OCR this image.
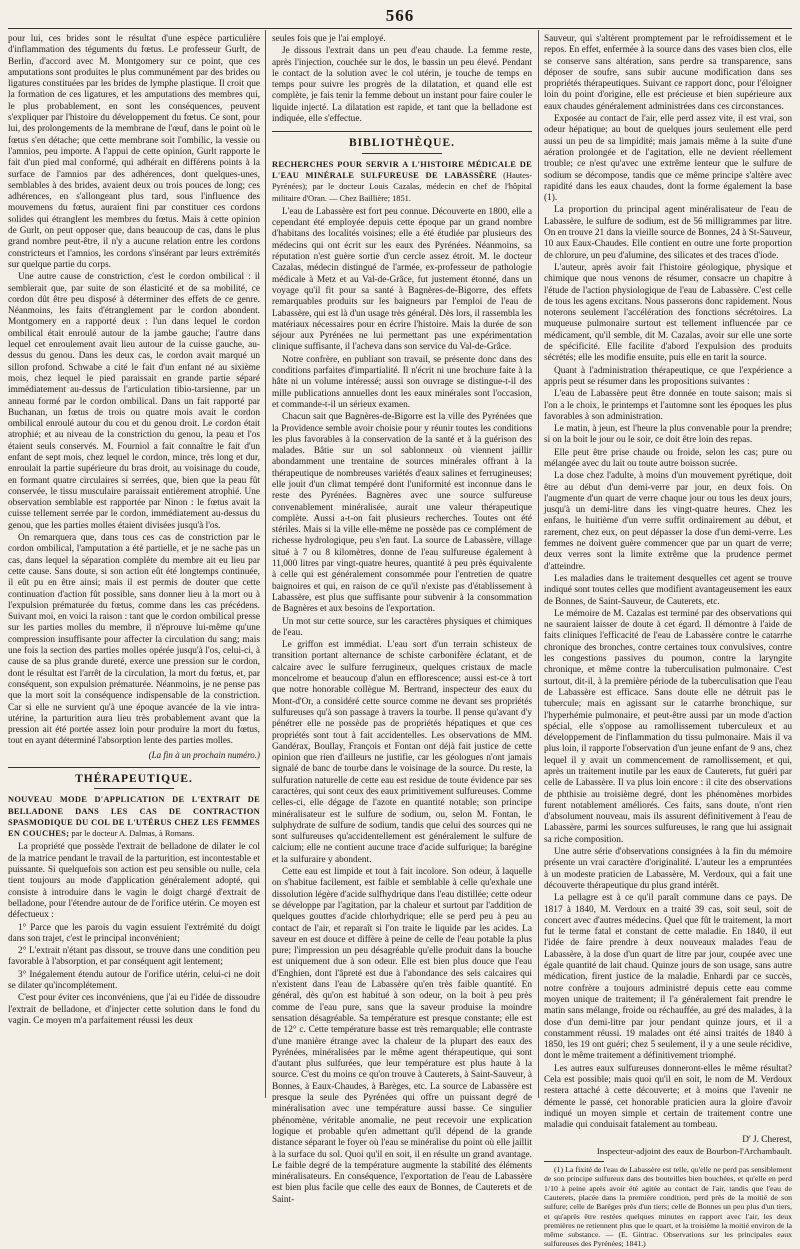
566

pour lui, ces brides sont le résultat d'une espèce particulière d'inflammation des téguments du fœtus. Le professeur Gurlt, de Berlin, d'accord avec M. Montgomery sur ce point, que ces amputations sont produites le plus communément par des brides ou ligatures constituées par les brides de lymphe plastique. Il croit que la formation de ces ligatures, et les amputations des membres qui, le plus probablement, en sont les conséquences, peuvent s'expliquer par l'histoire du développement du fœtus. Ce sont, pour lui, des prolongements de la membrane de l'œuf, dans le point où le fœtus s'en détache; que cette membrane soit l'ombilic, la vessie ou l'amnios, peu importe. A l'appui de cette opinion, Gurlt rapporte le fait d'un pied mal conformé, qui adhérait en différens points à la surface de l'amnios par des adhérences, dont quelques-unes, semblables à des brides, avaient deux ou trois pouces de long; ces adhérences, en s'allongeant plus tard, sous l'influence des mouvemens du fœtus, auraient fini par constituer ces cordons solides qui étranglent les membres du fœtus. Mais à cette opinion de Gurlt, on peut opposer que, dans beaucoup de cas, dans le plus grand nombre peut-être, il n'y a aucune relation entre les cordons constricteurs et l'amnios, les cordons s'insérant par leurs extrémités sur quelque partie du corps.

Une autre cause de constriction, c'est le cordon ombilical : il semblerait que, par suite de son élasticité et de sa mobilité, ce cordon dût être peu disposé à déterminer des effets de ce genre. Néanmoins, les faits d'étranglement par le cordon abondent. Montgomery en a rapporté deux : l'un dans lequel le cordon ombilical était enroulé autour de la jambe gauche; l'autre dans lequel cet enroulement avait lieu autour de la cuisse gauche, au-dessus du genou. Dans les deux cas, le cordon avait marqué un sillon profond. Schwabe a cité le fait d'un enfant né au sixième mois, chez lequel le pied paraissait en grande partie séparé immédiatement au-dessus de l'articulation tibio-tarsienne, par un anneau formé par le cordon ombilical. Dans un fait rapporté par Buchanan, un fœtus de trois ou quatre mois avait le cordon ombilical enroulé autour du cou et du genou droit. Le cordon était atrophié; et au niveau de la constriction du genou, la peau et l'os étaient seuls conservés. M. Fourniol a fait connaître le fait d'un enfant de sept mois, chez lequel le cordon, mince, très long et dur, enroulait la partie supérieure du bras droit, au voisinage du coude, en formant quatre circulaires si serrées, que, bien que la peau fût conservée, le tissu musculaire paraissait entièrement atrophié. Une observation semblable est rapportée par Ninon : le fœtus avait la cuisse tellement serrée par le cordon, immédiatement au-dessus du genou, que les parties molles étaient divisées jusqu'à l'os.

On remarquera que, dans tous ces cas de constriction par le cordon ombilical, l'amputation a été partielle, et je ne sache pas un cas, dans lequel la séparation complète du membre ait eu lieu par cette cause. Sans doute, si son action eût été longtemps continuée, il eût pu en être ainsi; mais il est permis de douter que cette continuation d'action fût possible, sans donner lieu à la mort ou à l'expulsion prématurée du fœtus, comme dans les cas précédens. Suivant moi, en voici la raison : tant que le cordon ombilical presse sur les parties molles du membre, il n'éprouve lui-même qu'une compression insuffisante pour affecter la circulation du sang; mais une fois la section des parties molles opérée jusqu'à l'os, celui-ci, à cause de sa plus grande dureté, exerce une pression sur le cordon, dont le résultat est l'arrêt de la circulation, la mort du fœtus, et, par conséquent, son expulsion prématurée. Néanmoins, je ne pense pas que la mort soit la conséquence indispensable de la constriction. Car si elle ne survient qu'à une époque avancée de la vie intra-utérine, la parturition aura lieu très probablement avant que la pression ait été portée assez loin pour produire la mort du fœtus, tout en ayant déterminé l'absorption lente des parties molles.

(La fin à un prochain numéro.)
THÉRAPEUTIQUE.

NOUVEAU MODE D'APPLICATION DE L'EXTRAIT DE BELLADONE DANS LES CAS DE CONTRACTION SPASMODIQUE DU COL DE L'UTÉRUS CHEZ LES FEMMES EN COUCHES; par le docteur A. Dalmas, à Romans.

La propriété que possède l'extrait de belladone de dilater le col de la matrice pendant le travail de la parturition, est incontestable et puissante. Si quelquefois son action est peu sensible ou nulle, cela tient toujours au mode d'application généralement adopté, qui consiste à introduire dans le vagin le doigt chargé d'extrait de belladone, pour l'étendre autour de de l'orifice utérin. Ce moyen est défectueux :

1° Parce que les parois du vagin essuient l'extrémité du doigt dans son trajet, c'est le principal inconvénient;

2° L'extrait n'étant pas dissout, se trouve dans une condition peu favorable à l'absorption, et par conséquent agit lentement;

3° Inégalement étendu autour de l'orifice utérin, celui-ci ne doit se dilater qu'incomplétement.

C'est pour éviter ces inconvéniens, que j'ai eu l'idée de dissoudre l'extrait de belladone, et d'injecter cette solution dans le fond du vagin. Ce moyen m'a parfaitement réussi les deux

seules fois que je l'ai employé.

Je dissous l'extrait dans un peu d'eau chaude. La femme reste, après l'injection, couchée sur le dos, le bassin un peu élevé. Pendant le contact de la solution avec le col utérin, je touche de temps en temps pour suivre les progrès de la dilatation, et quand elle est complète, je fais tenir la femme debout un instant pour faire couler le liquide injecté. La dilatation est rapide, et tant que la belladone est indiquée, elle s'effectue.

BIBLIOTHÈQUE.

RECHERCHES POUR SERVIR A L'HISTOIRE MÉDICALE DE L'EAU MINÉRALE SULFUREUSE DE LABASSÈRE (Hautes-Pyrénées); par le docteur Louis Cazalas, médecin en chef de l'hôpital militaire d'Oran. — Chez Baillière; 1851.

L'eau de Labassère est fort peu connue. Découverte en 1800, elle a cependant été employée depuis cette époque par un grand nombre d'habitans des localités voisines; elle a été étudiée par plusieurs des médecins qui ont écrit sur les eaux des Pyrénées. Néanmoins, sa réputation n'est guère sortie d'un cercle assez étroit. M. le docteur Cazalas, médecin distingué de l'armée, ex-professeur de pathologie médicale à Metz et au Val-de-Grâce, fut justement étonné, dans un voyage qu'il fit pour sa santé à Bagnères-de-Bigorre, des effets remarquables produits sur les baigneurs par l'emploi de l'eau de Labassère, qui est là d'un usage très général. Dès lors, il rassembla les matériaux nécessaires pour en écrire l'histoire. Mais la durée de son séjour aux Pyrénées ne lui permettant pas une expérimentation clinique suffisante, il l'acheva dans son service du Val-de-Grâce.

Notre confrère, en publiant son travail, se présente donc dans des conditions parfaites d'impartialité. Il n'écrit ni une brochure faite à la hâte ni un volume intéressé; aussi son ouvrage se distingue-t-il des mille publications annuelles dont les eaux minérales sont l'occasion, et commande-t-il un sérieux examen.

Chacun sait que Bagnères-de-Bigorre est la ville des Pyrénées que la Providence semble avoir choisie pour y réunir toutes les conditions les plus favorables à la conservation de la santé et à la guérison des malades. Bâtie sur un sol sablonneux où viennent jaillir abondamment une trentaine de sources minérales offrant à la thérapeutique de nombreuses variétés d'eaux salines et ferrugineuses; elle jouit d'un climat tempéré dont l'uniformité est inconnue dans le reste des Pyrénées. Bagnères avec une source sulfureuse convenablement minéralisée, aurait une valeur thérapeutique complète. Aussi a-t-on fait plusieurs recherches. Toutes ont été stériles. Mais si la ville elle-même ne possède pas ce complément de richesse hydrologique, peu s'en faut. La source de Labassère, village situé à 7 ou 8 kilomètres, donne de l'eau sulfureuse également à 11,000 litres par vingt-quatre heures, quantité à peu près équivalente à celle qui est généralement consommée pour l'entretien de quatre baignoires et qui, en raison de ce qu'il n'existe pas d'établissement à Labassère, est plus que suffisante pour subvenir à la consommation de Bagnères et aux besoins de l'exportation.

Un mot sur cette source, sur les caractères physiques et chimiques de l'eau.

Le griffon est immédiat. L'eau sort d'un terrain schisteux de transition portant alternance de schiste carbonifère éclatant, et de calcaire avec le sulfure ferrugineux, quelques cristaux de macle moncelrome et beaucoup d'alun en efflorescence; aussi est-ce à tort que notre honorable collègue M. Bertrand, inspecteur des eaux du Mont-d'Or, a considéré cette source comme ne devant ses propriétés sulfureuses qu'à son passage à travers la tourbe. Il pense qu'avant d'y pénétrer elle ne possède pas de propriétés hépatiques et que ces propriétés sont tout à fait accidentelles. Les observations de MM. Gandérax, Boullay, François et Fontan ont déjà fait justice de cette opinion que rien d'ailleurs ne justifie, car les géologues n'ont jamais signalé de banc de tourbe dans le voisinage de la source. Du reste, la sulfuration naturelle de cette eau est residue de toute évidence par ses caractères, qui sont ceux des eaux primitivement sulfureuses. Comme celles-ci, elle dégage de l'azote en quantité notable; son principe minéralisateur est le sulfure de sodium, ou, selon M. Fontan, le sulphydrate de sulfure de sodium, tandis que celui des sources qui ne sont sulfureuses qu'accidentellement est généralement le sulfure de calcium; elle ne contient aucune trace d'acide sulfurique; la barégine et la sulfuraire y abondent.

Cette eau est limpide et tout à fait incolore. Son odeur, à laquelle on s'habitue facilement, est faible et semblable à celle qu'exhale une dissolution légère d'acide sulfhydrique dans l'eau distillée; cette odeur se développe par l'agitation, par la chaleur et surtout par l'addition de quelques gouttes d'acide chlorhydrique; elle se perd peu à peu au contact de l'air, et reparaît si l'on traite le liquide par les acides. La saveur en est douce et diffère à peine de celle de l'eau potable la plus pure; l'impression un peu désagréable qu'elle produit dans la bouche est uniquement due à son odeur. Elle est bien plus douce que l'eau d'Enghien, dont l'âpreté est due à l'abondance des sels calcaires qui n'existent dans l'eau de Labassère qu'en très faible quantité. En général, dès qu'on est habitué à son odeur, on la boit à peu près comme de l'eau pure, sans que la saveur produise la moindre sensation désagréable. Sa température est presque constante; elle est de 12° c. Cette température basse est très remarquable; elle contraste d'une manière étrange avec la chaleur de la plupart des eaux des Pyrénées, minéralisées par le même agent thérapeutique, qui sont d'autant plus sulfurées, que leur température est plus haute à la source. C'est du moins ce qu'on trouve à Cauterets, à Saint-Sauveur, à Bonnes, à Eaux-Chaudes, à Barèges, etc. La source de Labassère est presque la seule des Pyrénées qui offre un puissant degré de minéralisation avec une température aussi basse. Ce singulier phénomène, véritable anomalie, ne peut recevoir une explication logique et probable qu'en admettant qu'il dépend de la grande distance séparant le foyer où l'eau se minéralise du point où elle jaillit à la surface du sol. Quoi qu'il en soit, il en résulte un grand avantage. Le faible degré de la température augmente la stabilité des éléments minéralisateurs. En conséquence, l'exportation de l'eau de Labassère est bien plus facile que celle des eaux de Bonnes, de Cauterets et de Saint-

Sauveur, qui s'altèrent promptement par le refroidissement et le repos. En effet, enfermée à la source dans des vases bien clos, elle se conserve sans altération, sans perdre sa transparence, sans déposer de soufre, sans subir aucune modification dans ses propriétés thérapeutiques. Suivant ce rapport donc, pour l'éloigner loin du point d'origine, elle est précieuse et bien supérieure aux eaux chaudes généralement administrées dans ces circonstances.

Exposée au contact de l'air, elle perd assez vite, il est vrai, son odeur hépatique; au bout de quelques jours seulement elle perd aussi un peu de sa limpidité; mais jamais même à la suite d'une aération prolongée et de l'agitation, elle ne devient réellement trouble; ce n'est qu'avec une extrême lenteur que le sulfure de sodium se décompose, tandis que ce même principe s'altère avec rapidité dans les eaux chaudes, dont la forme également la base (1).

La proportion du principal agent minéralisateur de l'eau de Labassère, le sulfure de sodium, est de 56 milligrammes par litre. On en trouve 21 dans la vieille source de Bonnes, 24 à St-Sauveur, 10 aux Eaux-Chaudes. Elle contient en outre une forte proportion de chlorure, un peu d'alumine, des silicates et des traces d'iode.

L'auteur, après avoir fait l'histoire géologique, physique et chimique que nous venons de résumer, consacre un chapitre à l'étude de l'action physiologique de l'eau de Labassère. C'est celle de tous les agens excitans. Nous passerons donc rapidement. Nous noterons seulement l'accélération des fonctions sécrétoires. La muqueuse pulmonaire surtout est tellement influencée par ce médicament, qu'il semble, dit M. Cazalas, avoir sur elle une sorte de spécificité. Elle facilite d'abord l'expulsion des produits sécrétés; elle les modifie ensuite, puis elle en tarit la source.

Quant à l'administration thérapeutique, ce que l'expérience a appris peut se résumer dans les propositions suivantes :

L'eau de Labassère peut être donnée en toute saison; mais si l'on a le choix, le printemps et l'automne sont les époques les plus favorables à son administration.

Le matin, à jeun, est l'heure la plus convenable pour la prendre; si on la boit le jour ou le soir, ce doit être loin des repas.

Elle peut être prise chaude ou froide, selon les cas; pure ou mélangée avec du lait ou toute autre boisson sucrée.

La dose chez l'adulte, à moins d'un mouvement pyrétique, doit être au début d'un demi-verre par jour, en deux fois. On l'augmente d'un quart de verre chaque jour ou tous les deux jours, jusqu'à un demi-litre dans les vingt-quatre heures. Chez les enfans, le huitième d'un verre suffit ordinairement au début, et rarement, chez eux, on peut dépasser la dose d'un demi-verre. Les femmes ne doivent guère commencer que par un quart de verre; deux verres sont la limite extrême que la prudence permet d'atteindre.

Les maladies dans le traitement desquelles cet agent se trouve indiqué sont toutes celles que modifient avantageusement les eaux de Bonnes, de Saint-Sauveur, de Cauterets, etc.

Le mémoire de M. Cazalas est terminé par des observations qui ne sauraient laisser de doute à cet égard. Il démontre à l'aide de faits cliniques l'efficacité de l'eau de Labassère contre le catarrhe chronique des bronches, contre certaines toux convulsives, contre les congestions passives du poumon, contre la laryngite chronique, et même contre la tuberculisation pulmonaire. C'est surtout, dit-il, à la première période de la tuberculisation que l'eau de Labassère est efficace. Sans doute elle ne détruit pas le tubercule; mais en agissant sur le catarrhe bronchique, sur l'hyperhémie pulmonaire, et peut-être aussi par un mode d'action spécial, elle s'oppose au ramollissement tuberculeux et au développement de l'inflammation du tissu pulmonaire. Mais il va plus loin, il rapporte l'observation d'un jeune enfant de 9 ans, chez lequel il y avait un commencement de ramollissement, et qui, après un traitement inutile par les eaux de Cauterets, fut guéri par celle de Labassère. Il va plus loin encore : il cite des observations de phthisie au troisième degré, dont les phénomènes morbides furent notablement améliorés. Ces faits, sans doute, n'ont rien d'absolument nouveau, mais ils assurent définitivement à l'eau de Labassère, parmi les sources sulfureuses, le rang que lui assignait sa riche composition.

Une autre série d'observations consignées à la fin du mémoire présente un vrai caractère d'originalité. L'auteur les a empruntées à un modeste praticien de Labassère, M. Verdoux, qui a fait une découverte thérapeutique du plus grand intérêt.

La pellagre est à ce qu'il paraît commune dans ce pays. De 1817 à 1840, M. Verdoux en a traité 39 cas, soit seul, soit de concert avec d'autres médecins. Quel que fût le traitement, la mort fut le terme fatal et constant de cette maladie. En 1840, il eut l'idée de faire prendre à deux nouveaux malades l'eau de Labassère, à la dose d'un quart de litre par jour, coupée avec une égale quantité de lait chaud. Quinze jours de son usage, sans autre médication, firent justice de la maladie. Enhardi par ce succès, notre confrère a toujours administré depuis cette eau comme moyen unique de traitement; il l'a généralement fait prendre le matin sans mélange, froide ou réchauffée, au gré des malades, à la dose d'un demi-litre par jour pendant quinze jours, et il a constamment réussi. 19 malades ont été ainsi traités de 1840 à 1850, les 19 ont guéri; chez 5 seulement, il y a une seule récidive, dont le même traitement a définitivement triomphé.

Les autres eaux sulfureuses donneront-elles le même résultat? Cela est possible; mais quoi qu'il en soit, le nom de M. Verdoux restera attaché à cette découverte; et à moins que l'avenir ne démente le passé, cet honorable praticien aura la gloire d'avoir indiqué un moyen simple et certain de traitement contre une maladie qui conduisait fatalement au tombeau.

D' J. Cherest,
Inspecteur-adjoint des eaux de Bourbon-l'Archambault.

(1) La fixité de l'eau de Labassère est telle, qu'elle ne perd pas sensiblement de son principe sulfureux dans des bouteilles bien bouchées, et qu'elle en perd 1/10 à peine après avoir été agitée au contact de l'air, tandis que l'eau de Cauterets, placée dans la première condition, perd près de la moitié de son sulfure; celle de Barèges près d'un tiers; celle de Bonnes un peu plus d'un tiers, et qu'après être restées quelques minutes en rapport avec l'air, les deux premières ne retiennent plus que le quart, et la troisième la moitié environ de la même substance. — (E. Gintrac. Observations sur les principales eaux sulfureuses des Pyrénées; 1841.)
